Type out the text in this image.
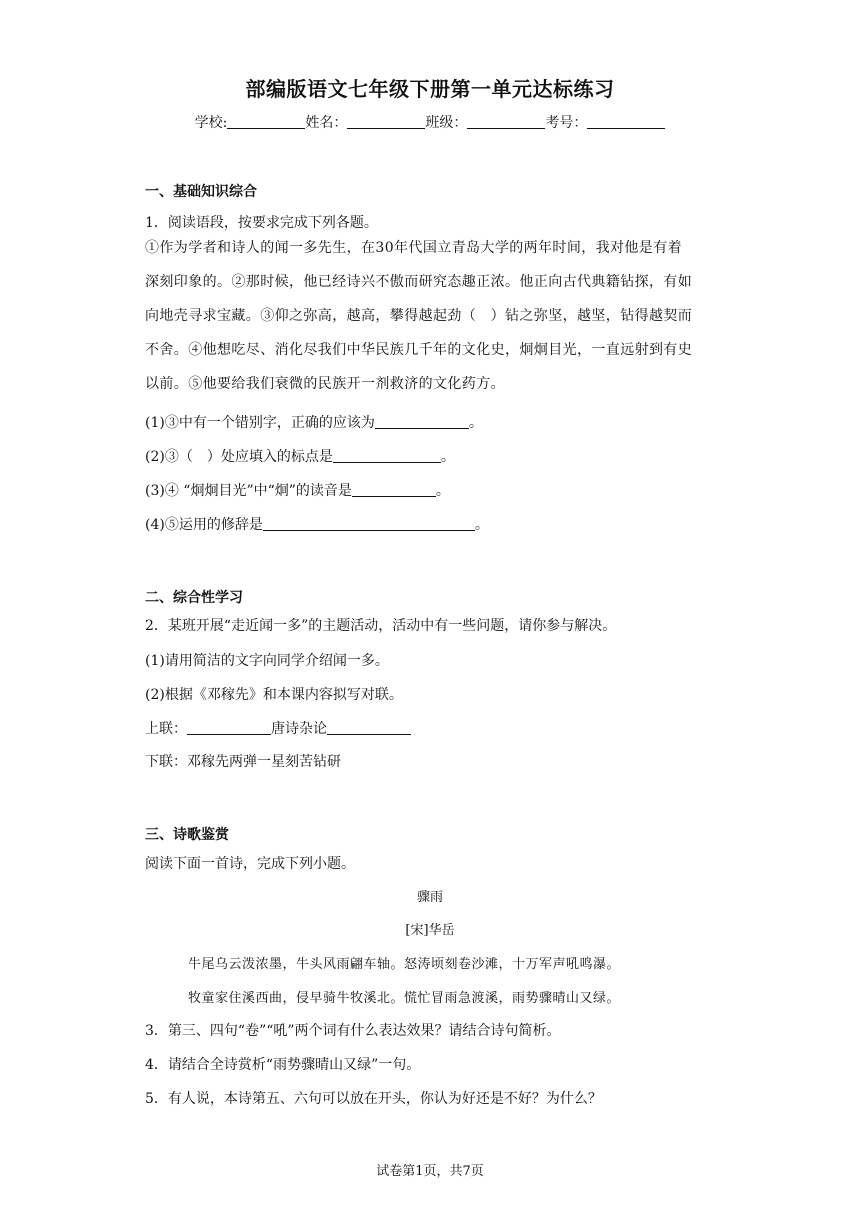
部编版语文七年级下册第一单元达标练习
学校:	姓名：	班级：	考号：
一、基础知识综合
1．阅读语段，按要求完成下列各题。
①作为学者和诗人的闻一多先生，在30年代国立青岛大学的两年时间，我对他是有着
深刻印象的。②那时候，他已经诗兴不傲而研究态趣正浓。他正向古代典籍钻探，有如
向地壳寻求宝藏。③仰之弥高，越高，攀得越起劲（　）钻之弥坚，越坚，钻得越契而
不舍。④他想吃尽、消化尽我们中华民族几千年的文化史，炯炯目光，一直远射到有史
以前。⑤他要给我们衰微的民族开一剂救济的文化药方。
(1)③中有一个错别字，正确的应该为	。
(2)③（　）处应填入的标点是	。
(3)④ “炯炯目光”中“炯”的读音是	。
(4)⑤运用的修辞是	。
二、综合性学习
2．某班开展“走近闻一多”的主题活动，活动中有一些问题，请你参与解决。
(1)请用简洁的文字向同学介绍闻一多。
(2)根据《邓稼先》和本课内容拟写对联。
上联：	唐诗杂论
下联：邓稼先两弹一星刻苦钻研
三、诗歌鉴赏
阅读下面一首诗，完成下列小题。
骤雨
[宋]华岳
牛尾乌云泼浓墨，牛头风雨翩车轴。怒涛顷刻卷沙滩，十万军声吼鸣瀑。
牧童家住溪西曲，侵早骑牛牧溪北。慌忙冒雨急渡溪，雨势骤晴山又绿。
3．第三、四句“卷”“吼”两个词有什么表达效果？请结合诗句简析。
4．请结合全诗赏析“雨势骤晴山又绿”一句。
5．有人说，本诗第五、六句可以放在开头，你认为好还是不好？为什么？
试卷第1页，共7页
